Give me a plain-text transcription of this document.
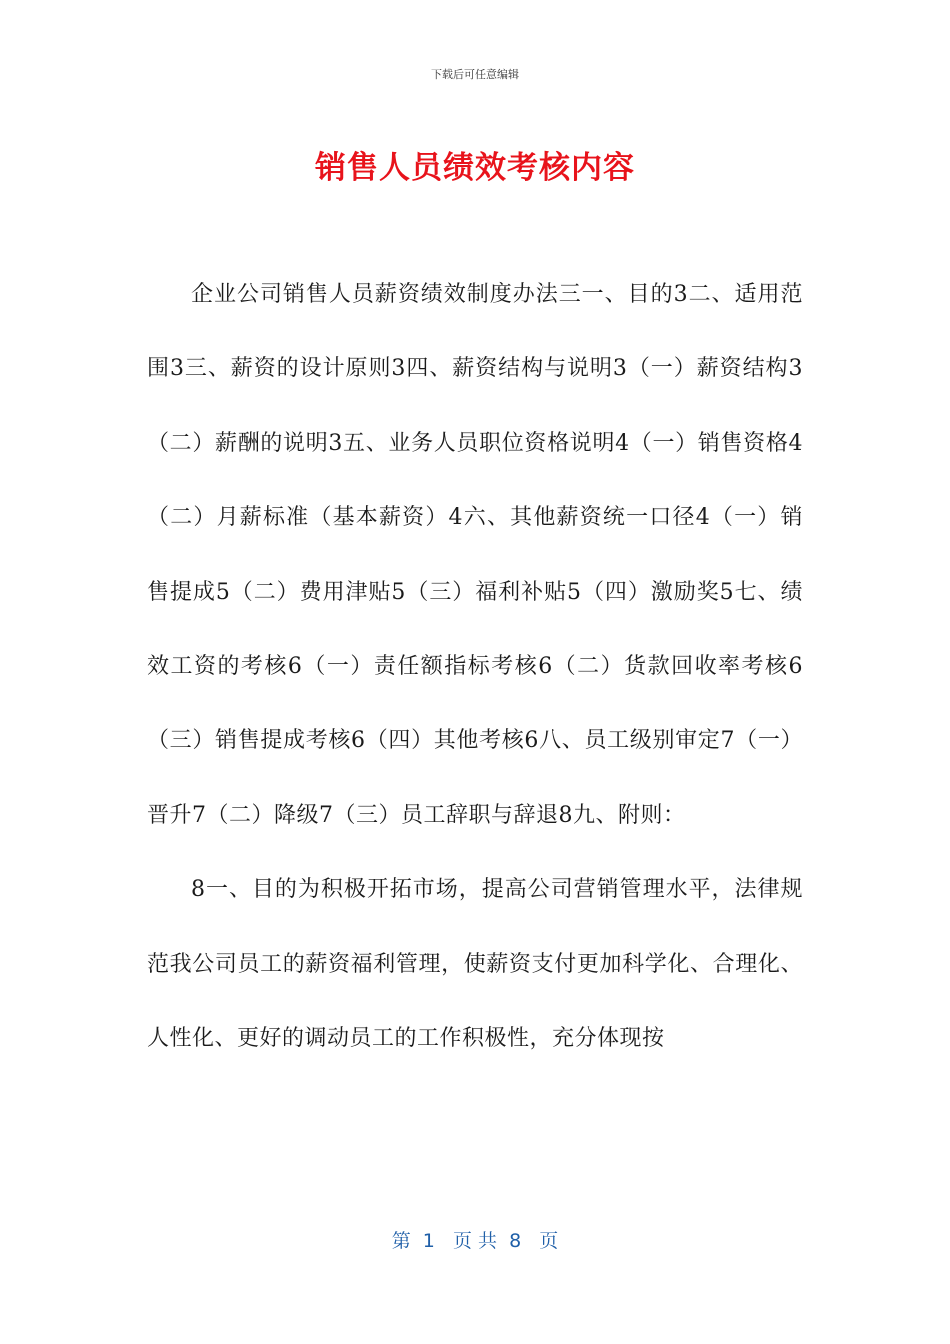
下载后可任意编辑
销售人员绩效考核内容

企业公司销售人员薪资绩效制度办法三一、目的3二、适用范围3三、薪资的设计原则3四、薪资结构与说明3（一）薪资结构3（二）薪酬的说明3五、业务人员职位资格说明4（一）销售资格4（二）月薪标准（基本薪资）4六、其他薪资统一口径4（一）销售提成5（二）费用津贴5（三）福利补贴5（四）激励奖5七、绩效工资的考核6（一）责任额指标考核6（二）货款回收率考核6（三）销售提成考核6（四）其他考核6八、员工级别审定7（一）晋升7（二）降级7（三）员工辞职与辞退8九、附则：

8一、目的为积极开拓市场，提高公司营销管理水平，法律规范我公司员工的薪资福利管理，使薪资支付更加科学化、合理化、人性化、更好的调动员工的工作积极性，充分体现按

第  1   页 共  8   页
